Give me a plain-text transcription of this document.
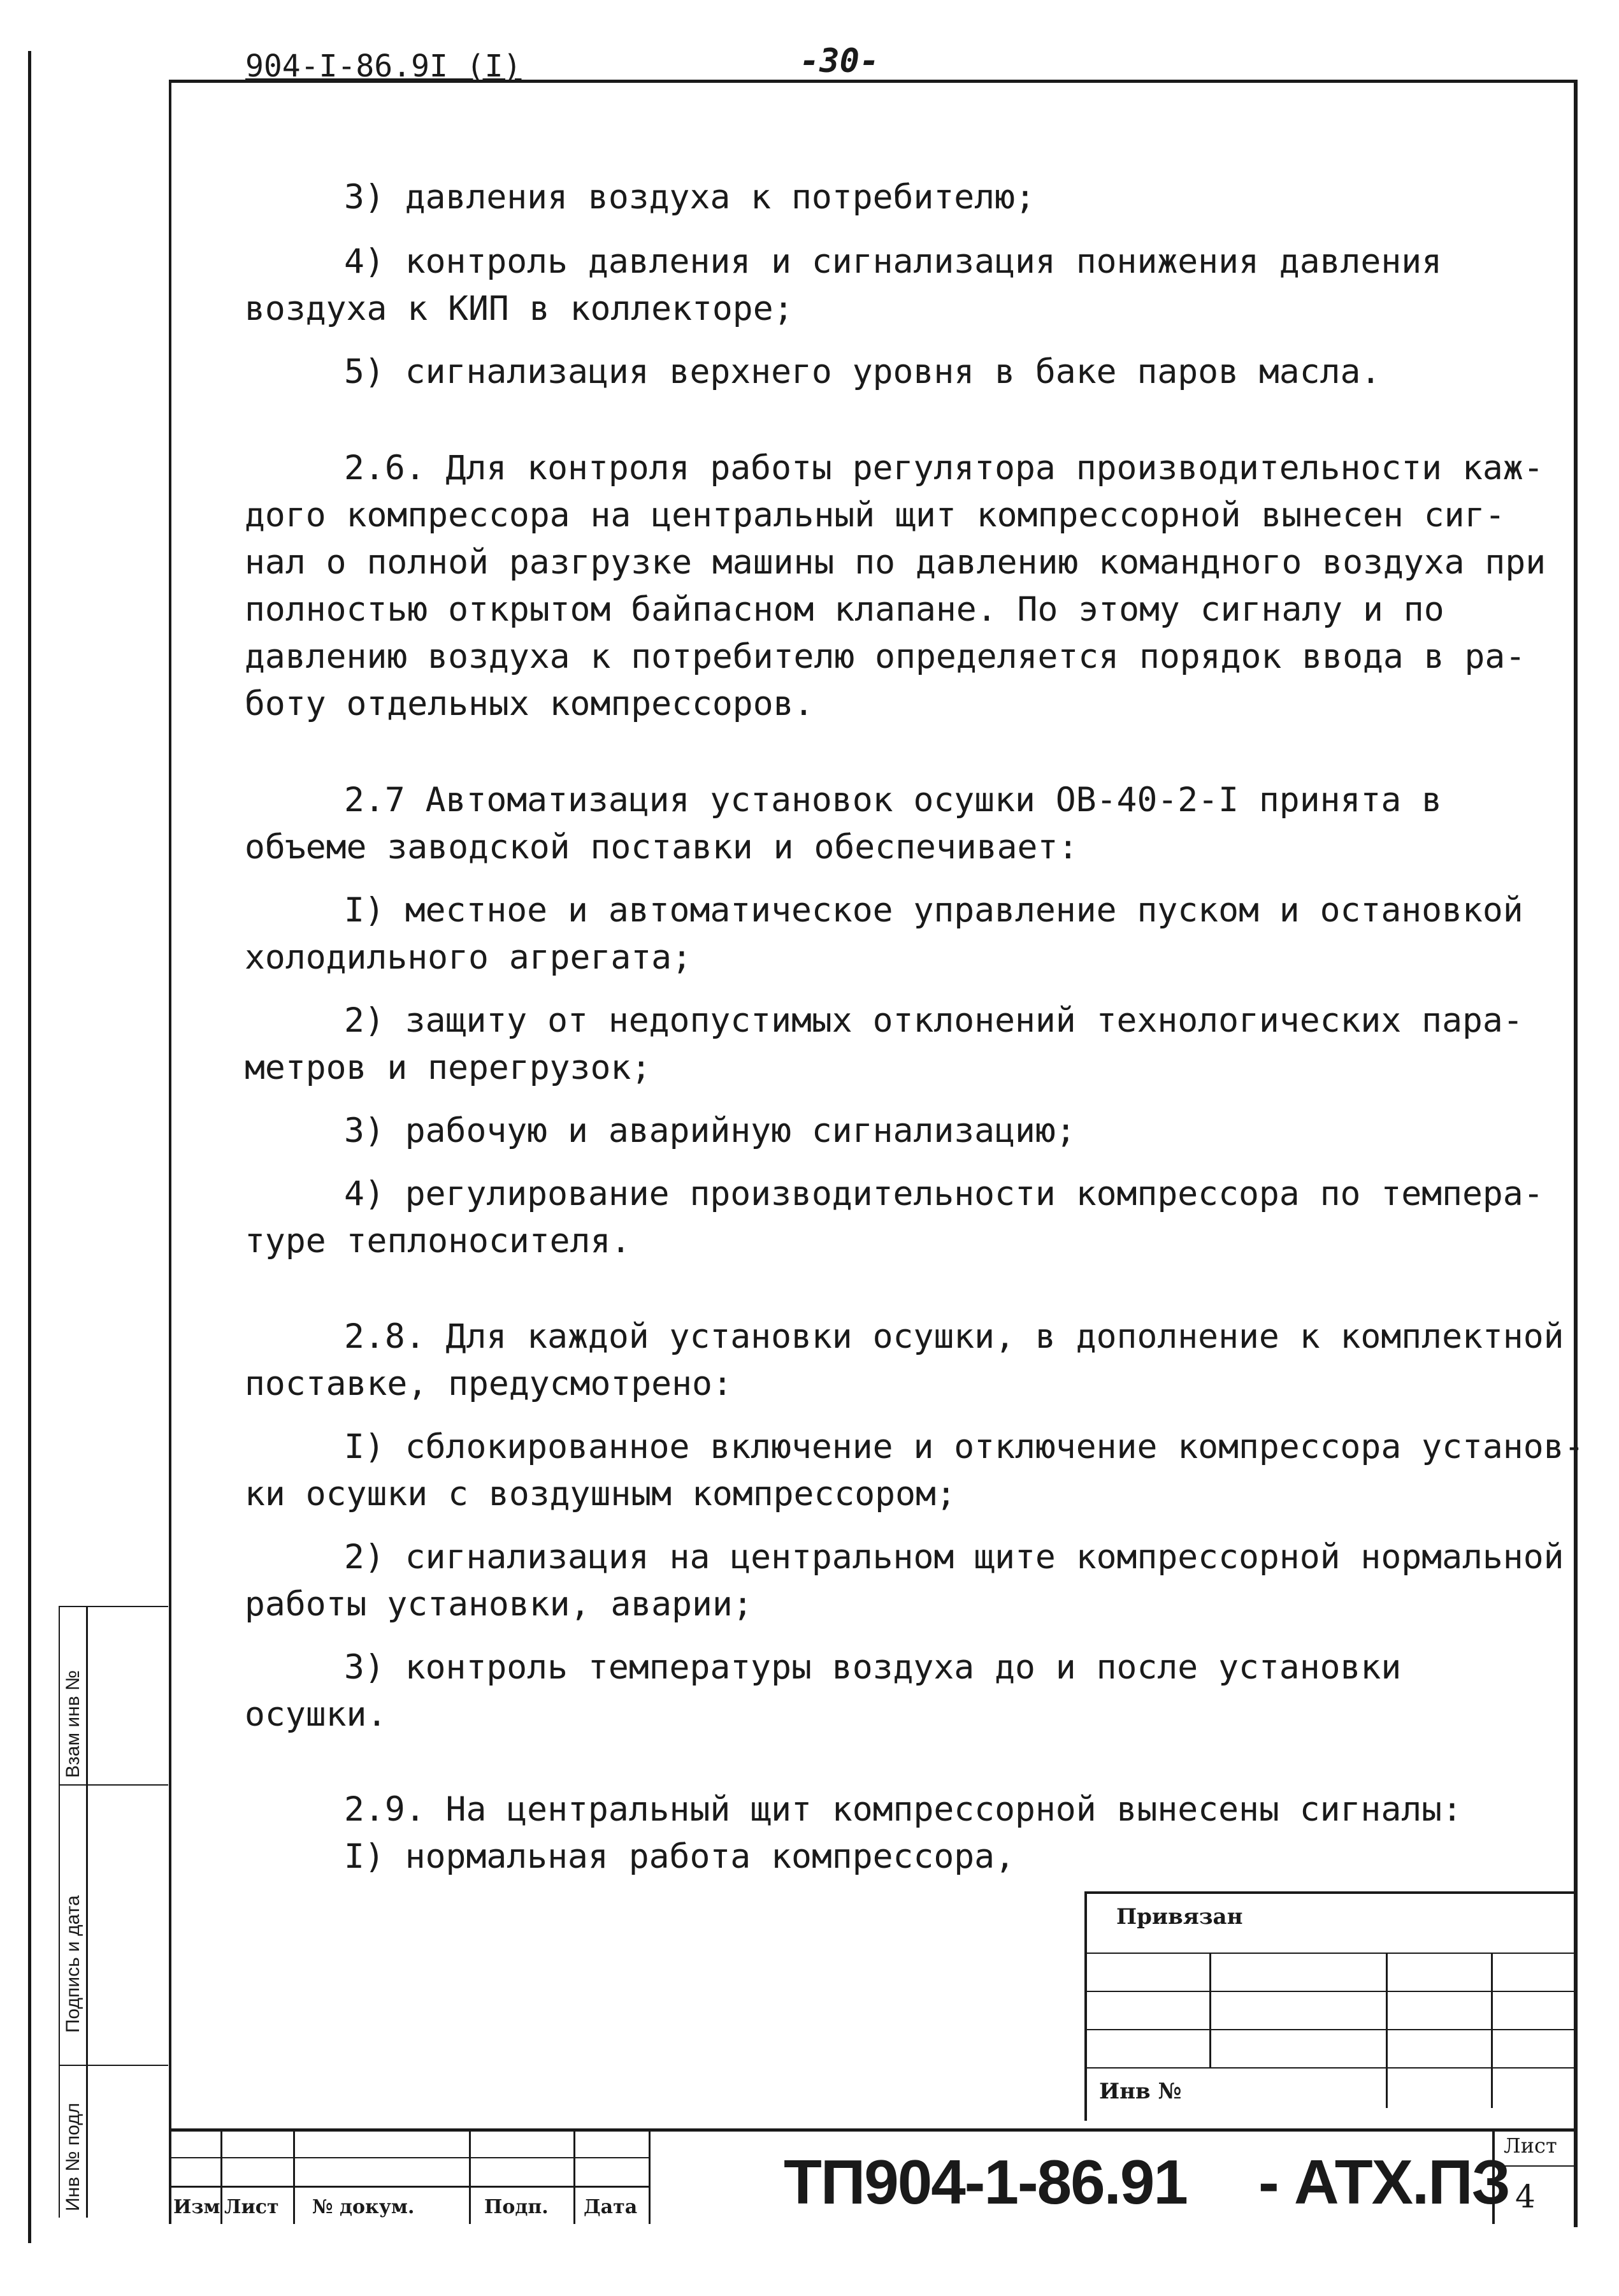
904-I-86.9I (I)	-30-
3) давления воздуха к потребителю;
4) контроль давления и сигнализация понижения давления
воздуха к КИП в коллекторе;
5) сигнализация верхнего уровня в баке паров масла.
2.6. Для контроля работы регулятора производительности каж-
дого компрессора на центральный щит компрессорной вынесен сиг-
нал о полной разгрузке машины по давлению командного воздуха при
полностью открытом байпасном клапане. По этому сигналу и по
давлению воздуха к потребителю определяется порядок ввода в ра-
боту отдельных компрессоров.
2.7 Автоматизация установок осушки ОВ-40-2-I принята в
объеме заводской поставки и обеспечивает:
I) местное и автоматическое управление пуском и остановкой
холодильного агрегата;
2) защиту от недопустимых отклонений технологических пара-
метров и перегрузок;
3) рабочую и аварийную сигнализацию;
4) регулирование производительности компрессора по темпера-
туре теплоносителя.
2.8. Для каждой установки осушки, в дополнение к комплектной
поставке, предусмотрено:
I) сблокированное включение и отключение компрессора установ-
ки осушки с воздушным компрессором;
2) сигнализация на центральном щите компрессорной нормальной
работы установки, аварии;
3) контроль температуры воздуха до и после установки
осушки.
2.9. На центральный щит компрессорной вынесены сигналы:
I) нормальная работа компрессора,
Привязан
Инв №
Взам инв №
Подпись и дата
Инв № подл	Изм Лист № докум.	Подп. Дата ТП904-1-86.91 - АТХ.ПЗ
Лист
4
